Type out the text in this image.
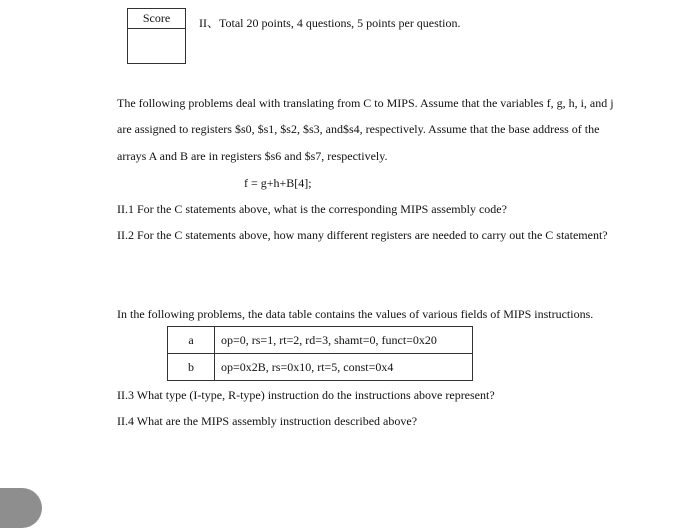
Score	II、Total 20 points, 4 questions, 5 points per question.
The following problems deal with translating from C to MIPS. Assume that the variables f, g, h, i, and j
are assigned to registers $s0, $s1, $s2, $s3, and$s4, respectively. Assume that the base address of the
arrays A and B are in registers $s6 and $s7, respectively.
f = g+h+B[4];
II.1 For the C statements above, what is the corresponding MIPS assembly code?
II.2 For the C statements above, how many different registers are needed to carry out the C statement?
In the following problems, the data table contains the values of various fields of MIPS instructions.
a	op=0, rs=1, rt=2, rd=3, shamt=0, funct=0x20
b	op=0x2B, rs=0x10, rt=5, const=0x4
II.3 What type (I-type, R-type) instruction do the instructions above represent?
II.4 What are the MIPS assembly instruction described above?
